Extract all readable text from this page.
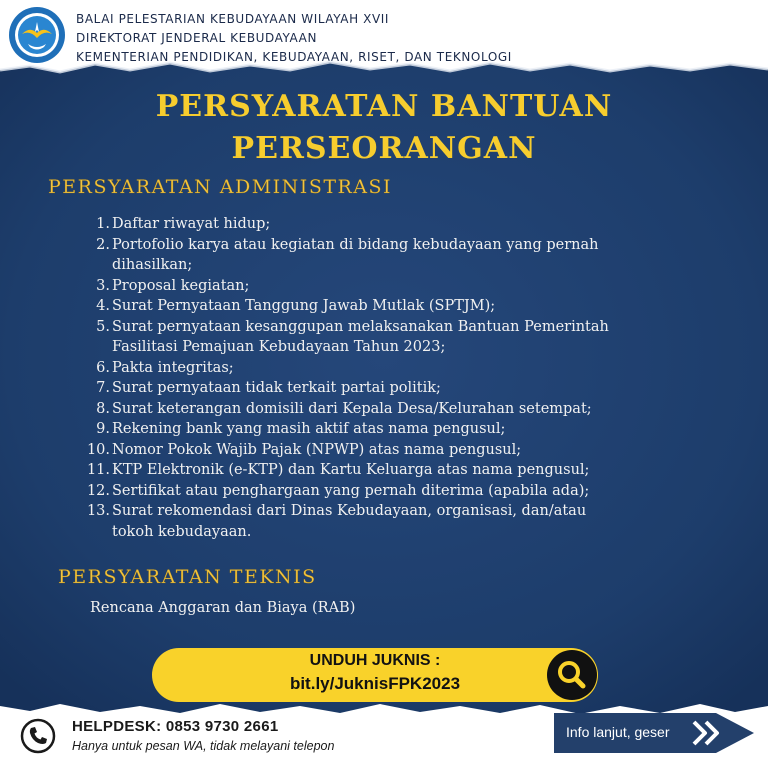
BALAI PELESTARIAN KEBUDAYAAN WILAYAH XVII
DIREKTORAT JENDERAL KEBUDAYAAN
KEMENTERIAN PENDIDIKAN, KEBUDAYAAN, RISET, DAN TEKNOLOGI
PERSYARATAN BANTUAN
PERSEORANGAN
PERSYARATAN ADMINISTRASI
1. Daftar riwayat hidup;
2. Portofolio karya atau kegiatan di bidang kebudayaan yang pernah
dihasilkan;
3. Proposal kegiatan;
4. Surat Pernyataan Tanggung Jawab Mutlak (SPTJM);
5. Surat pernyataan kesanggupan melaksanakan Bantuan Pemerintah
Fasilitasi Pemajuan Kebudayaan Tahun 2023;
6. Pakta integritas;
7. Surat pernyataan tidak terkait partai politik;
8. Surat keterangan domisili dari Kepala Desa/Kelurahan setempat;
9. Rekening bank yang masih aktif atas nama pengusul;
10. Nomor Pokok Wajib Pajak (NPWP) atas nama pengusul;
11. KTP Elektronik (e-KTP) dan Kartu Keluarga atas nama pengusul;
12. Sertifikat atau penghargaan yang pernah diterima (apabila ada);
13. Surat rekomendasi dari Dinas Kebudayaan, organisasi, dan/atau
tokoh kebudayaan.
PERSYARATAN TEKNIS
Rencana Anggaran dan Biaya (RAB)
UNDUH JUKNIS :
bit.ly/JuknisFPK2023
HELPDESK: 0853 9730 2661
Hanya untuk pesan WA, tidak melayani telepon
Info lanjut, geser
